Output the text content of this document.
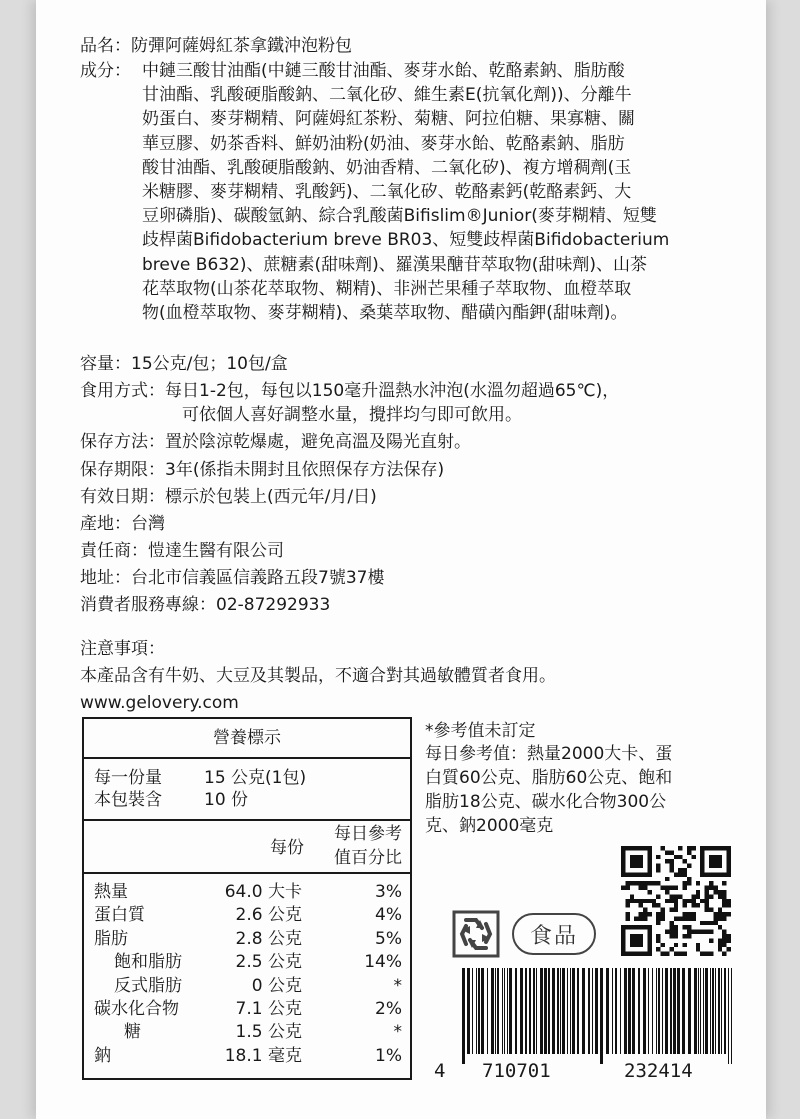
品名：防彈阿薩姆紅茶拿鐵沖泡粉包
成分： 中鏈三酸甘油酯(中鏈三酸甘油酯、麥芽水飴、乾酪素鈉、脂肪酸
甘油酯、乳酸硬脂酸鈉、二氧化矽、維生素E(抗氧化劑))、分離牛
奶蛋白、麥芽糊精、阿薩姆紅茶粉、菊糖、阿拉伯糖、果寡糖、關
華豆膠、奶茶香料、鮮奶油粉(奶油、麥芽水飴、乾酪素鈉、脂肪
酸甘油酯、乳酸硬脂酸鈉、奶油香精、二氧化矽)、複方增稠劑(玉
米糖膠、麥芽糊精、乳酸鈣)、二氧化矽、乾酪素鈣(乾酪素鈣、大
豆卵磷脂)、碳酸氫鈉、綜合乳酸菌Bifislim®Junior(麥芽糊精、短雙
歧桿菌Bifidobacterium breve BR03、短雙歧桿菌Bifidobacterium
breve B632)、蔗糖素(甜味劑)、羅漢果醣苷萃取物(甜味劑)、山茶
花萃取物(山茶花萃取物、糊精)、非洲芒果種子萃取物、血橙萃取
物(血橙萃取物、麥芽糊精)、桑葉萃取物、醋磺內酯鉀(甜味劑)。
容量：15公克/包；10包/盒
食用方式：每日1-2包，每包以150毫升溫熱水沖泡(水溫勿超過65℃)，
可依個人喜好調整水量，攪拌均勻即可飲用。
保存方法：置於陰涼乾爆處，避免高溫及陽光直射。
保存期限：3年(係指未開封且依照保存方法保存)
有效日期：標示於包裝上(西元年/月/日)
產地：台灣
責任商：愷達生醫有限公司
地址：台北市信義區信義路五段7號37樓
消費者服務專線：02-87292933
注意事項：
本產品含有牛奶、大豆及其製品，不適合對其過敏體質者食用。
www.gelovery.com
營養標示
每一份量 15 公克(1包)
本包裝含 10 份
每份
每日參考
值百分比
熱量	64.0 大卡	3%
蛋白質	2.6 公克	4%
脂肪	2.8 公克	5%
飽和脂肪	2.5 公克	14%
反式脂肪	0 公克	*
碳水化合物	7.1 公克	2%
糖	1.5 公克	*
鈉	18.1 毫克	1%
*參考值未訂定
每日參考值：熱量2000大卡、蛋
白質60公克、脂肪60公克、飽和
脂肪18公克、碳水化合物300公
克、鈉2000毫克
食品
4 710701	232414
